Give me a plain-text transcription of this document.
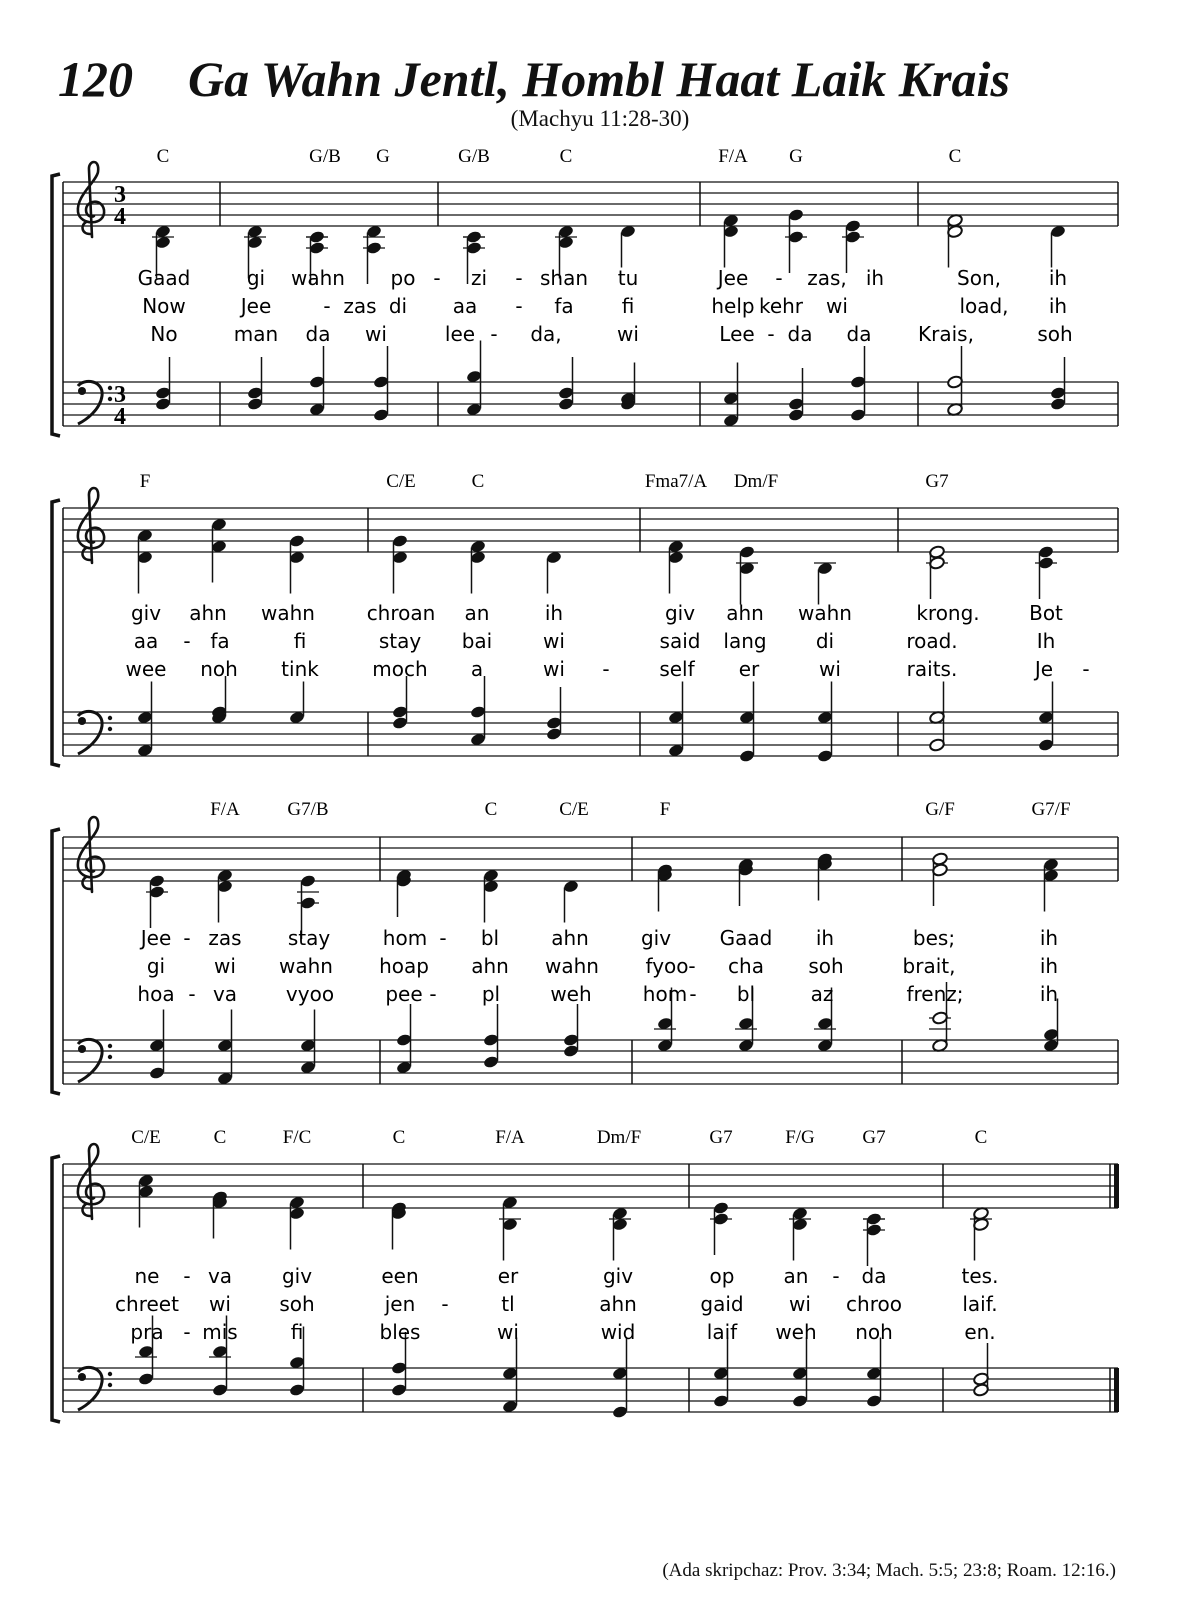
120 Ga Wahn Jentl, Hombl Haat Laik Krais
(Machyu 11:28-30)
3
4
3
4
C	G/B G	G/B	C	F/A G	C
Gaad	gi wahn po - zi - shan tu	Jee - zas, ih	Son, ih
Now	Jee	- zas di aa - fa fi	help kehr wi	load, ih
No	man da wi	lee - da,	wi	Lee - da da Krais,	soh
F	C/E	C	Fma7/A Dm/F	G7
giv ahn wahn	chroan an	ih	giv ahn wahn	krong. Bot
aa - fa	fi	stay bai	wi	said lang di	road.	Ih
wee noh tink	moch a	wi - self er	wi	raits.	Je -
F/A	G7/B	C	C/E	F	G/F	G7/F
Jee - zas stay	hom - bl	ahn	giv Gaad ih	bes;	ih
gi wi wahn hoap ahn wahn fyoo - cha soh	brait,	ih
hoa - va vyoo	pee - pl	weh	hom - bl	az	frenz;	ih
C/E	C	F/C	C	F/A	Dm/F	G7	F/G	G7	C
ne - va giv	een	er	giv	op an - da	tes.
chreet wi soh	jen -	tl	ahn	gaid wi chroo	laif.
pra - mis	fi	bles	wi	wid	laif weh noh	en.
(Ada skripchaz: Prov. 3:34; Mach. 5:5; 23:8; Roam. 12:16.)
